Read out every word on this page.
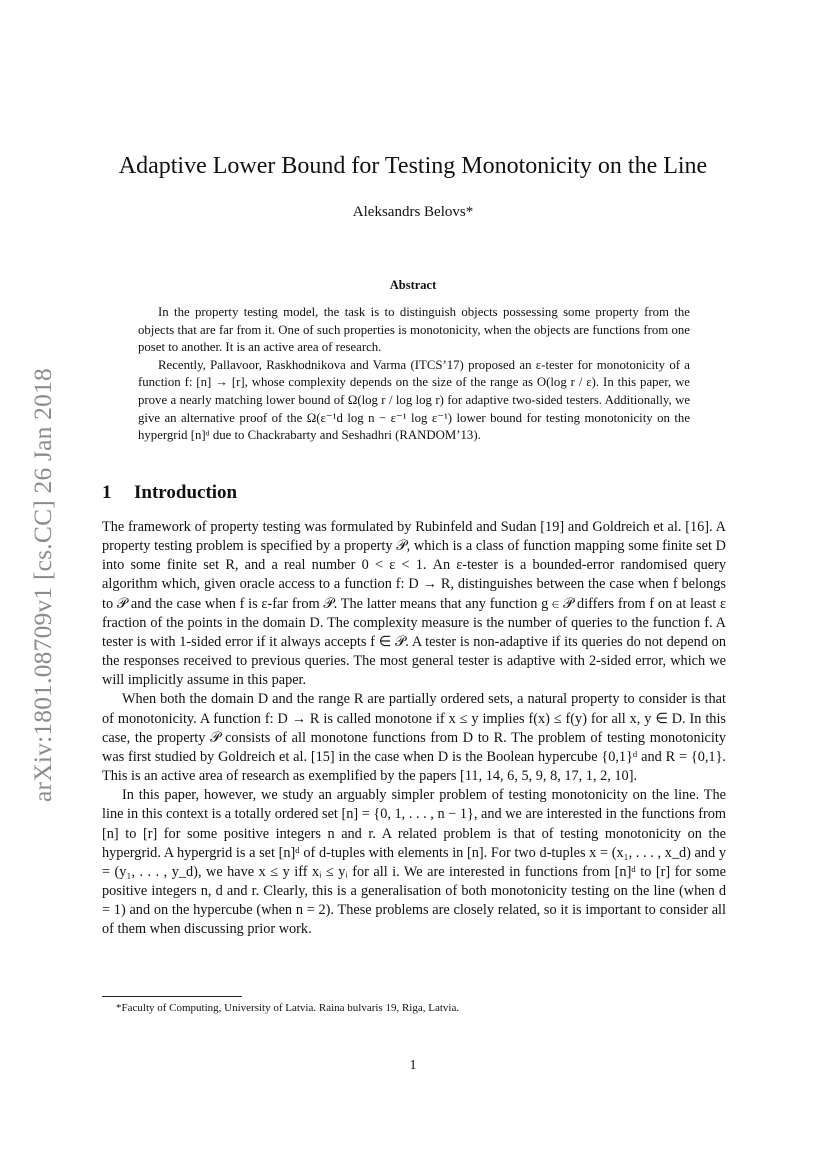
arXiv:1801.08709v1 [cs.CC] 26 Jan 2018
Adaptive Lower Bound for Testing Monotonicity on the Line
Aleksandrs Belovs*
Abstract

In the property testing model, the task is to distinguish objects possessing some property from the objects that are far from it. One of such properties is monotonicity, when the objects are functions from one poset to another. It is an active area of research.

Recently, Pallavoor, Raskhodnikova and Varma (ITCS’17) proposed an ε-tester for monotonicity of a function f: [n] → [r], whose complexity depends on the size of the range as O(log r / ε). In this paper, we prove a nearly matching lower bound of Ω(log r / log log r) for adaptive two-sided testers. Additionally, we give an alternative proof of the Ω(ε⁻¹d log n − ε⁻¹ log ε⁻¹) lower bound for testing monotonicity on the hypergrid [n]ᵈ due to Chackrabarty and Seshadhri (RANDOM’13).

1 Introduction

The framework of property testing was formulated by Rubinfeld and Sudan [19] and Goldreich et al. [16]. A property testing problem is specified by a property 𝒫, which is a class of function mapping some finite set D into some finite set R, and a real number 0 < ε < 1. An ε-tester is a bounded-error randomised query algorithm which, given oracle access to a function f: D → R, distinguishes between the case when f belongs to 𝒫 and the case when f is ε-far from 𝒫. The latter means that any function g ∈ 𝒫 differs from f on at least ε fraction of the points in the domain D. The complexity measure is the number of queries to the function f. A tester is with 1-sided error if it always accepts f ∈ 𝒫. A tester is non-adaptive if its queries do not depend on the responses received to previous queries. The most general tester is adaptive with 2-sided error, which we will implicitly assume in this paper.

When both the domain D and the range R are partially ordered sets, a natural property to consider is that of monotonicity. A function f: D → R is called monotone if x ≤ y implies f(x) ≤ f(y) for all x, y ∈ D. In this case, the property 𝒫 consists of all monotone functions from D to R. The problem of testing monotonicity was first studied by Goldreich et al. [15] in the case when D is the Boolean hypercube {0,1}ᵈ and R = {0,1}. This is an active area of research as exemplified by the papers [11, 14, 6, 5, 9, 8, 17, 1, 2, 10].

In this paper, however, we study an arguably simpler problem of testing monotonicity on the line. The line in this context is a totally ordered set [n] = {0, 1, . . . , n − 1}, and we are interested in the functions from [n] to [r] for some positive integers n and r. A related problem is that of testing monotonicity on the hypergrid. A hypergrid is a set [n]ᵈ of d-tuples with elements in [n]. For two d-tuples x = (x₁, . . . , x_d) and y = (y₁, . . . , y_d), we have x ≤ y iff xᵢ ≤ yᵢ for all i. We are interested in functions from [n]ᵈ to [r] for some positive integers n, d and r. Clearly, this is a generalisation of both monotonicity testing on the line (when d = 1) and on the hypercube (when n = 2). These problems are closely related, so it is important to consider all of them when discussing prior work.

*Faculty of Computing, University of Latvia. Raina bulvaris 19, Riga, Latvia.
1
